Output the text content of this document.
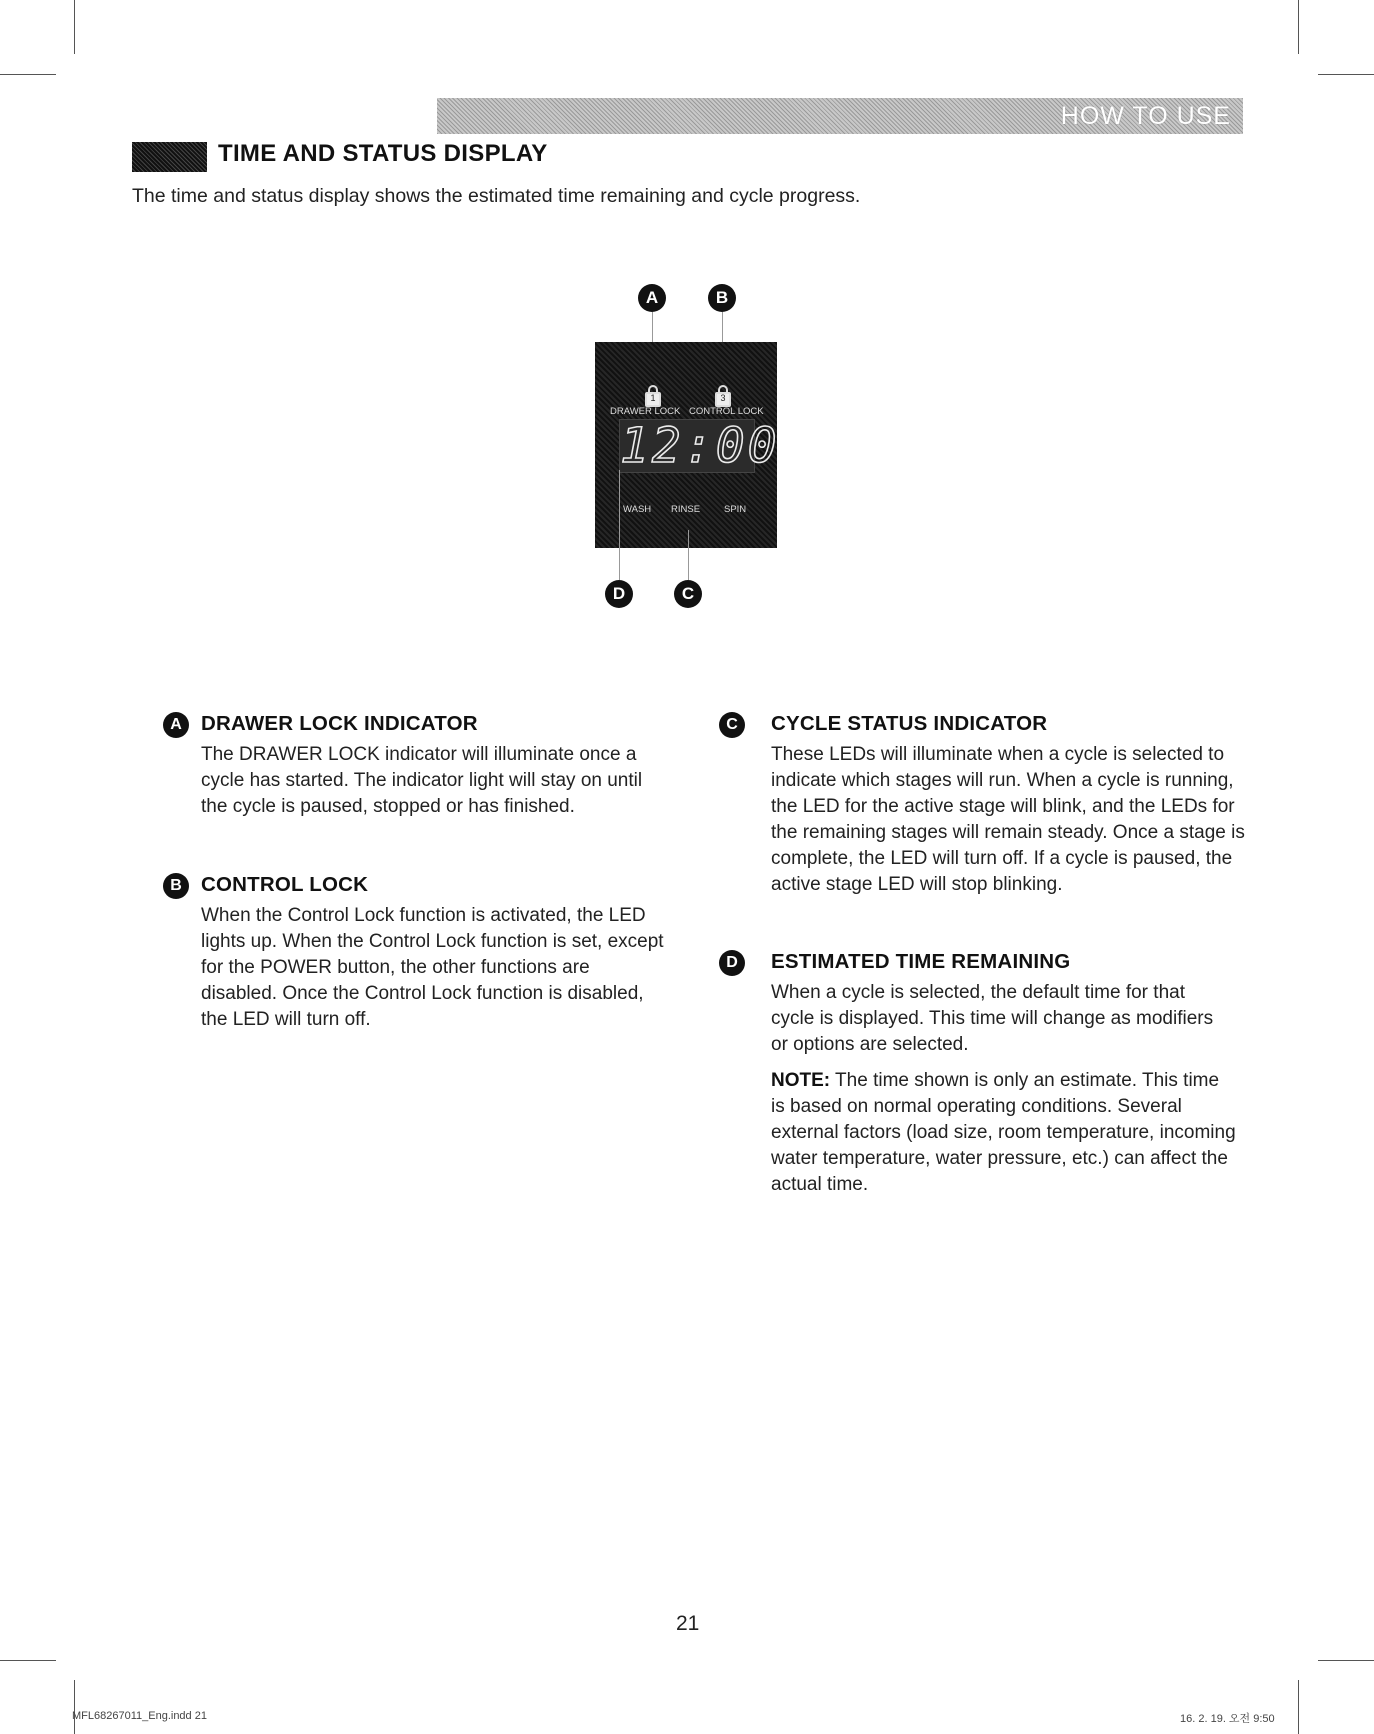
HOW TO USE
TIME AND STATUS DISPLAY
The time and status display shows the estimated time remaining and cycle progress.
A	B
1	3
DRAWER LOCK CONTROL LOCK
12:00
WASH RINSE	SPIN
D	C
A DRAWER LOCK INDICATOR
The DRAWER LOCK indicator will illuminate once a cycle has started. The indicator light will stay on until the cycle is paused, stopped or has finished.
B CONTROL LOCK
When the Control Lock function is activated, the LED lights up. When the Control Lock function is set, except for the POWER button, the other functions are disabled. Once the Control Lock function is disabled, the LED will turn off.
C	CYCLE STATUS INDICATOR
These LEDs will illuminate when a cycle is selected to indicate which stages will run. When a cycle is running, the LED for the active stage will blink, and the LEDs for the remaining stages will remain steady. Once a stage is complete, the LED will turn off. If a cycle is paused, the active stage LED will stop blinking.
D	ESTIMATED TIME REMAINING
When a cycle is selected, the default time for that cycle is displayed. This time will change as modifiers or options are selected.
NOTE: The time shown is only an estimate. This time is based on normal operating conditions. Several external factors (load size, room temperature, incoming water temperature, water pressure, etc.) can affect the actual time.
21
MFL68267011_Eng.indd 21	16. 2. 19. 오전 9:50
